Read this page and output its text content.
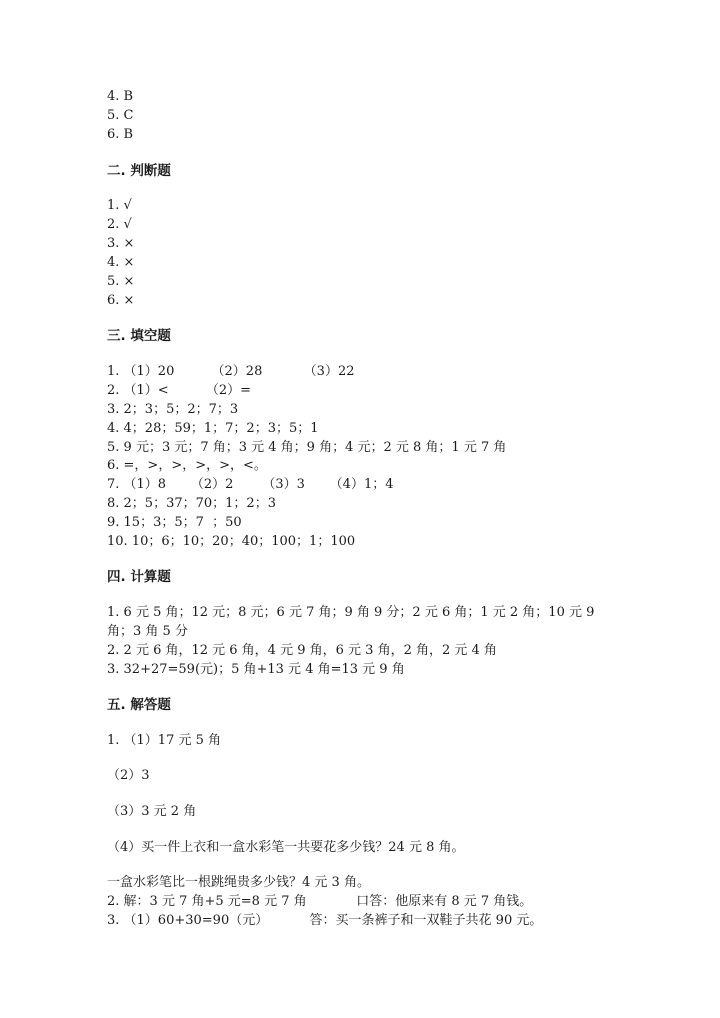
4. B
5. C
6. B
二. 判断题
1. √
2. √
3. ×
4. ×
5. ×
6. ×
三. 填空题
1. （1）20         （2）28          （3）22
2. （1）<         （2）=
3. 2；3；5；2；7；3
4. 4；28；59；1；7；2；3；5；1
5. 9 元；3 元；7 角；3 元 4 角；9 角；4 元；2 元 8 角；1 元 7 角
6. =，>，>，>，>，<。
7. （1）8      （2）2       （3）3      （4）1；4
8. 2；5；37；70；1；2；3
9. 15；3；5；7  ；50
10. 10；6；10；20；40；100；1；100
四. 计算题
1. 6 元 5 角；12 元；8 元；6 元 7 角；9 角 9 分；2 元 6 角；1 元 2 角；10 元 9
角；3 角 5 分
2. 2 元 6 角，12 元 6 角，4 元 9 角，6 元 3 角，2 角，2 元 4 角
3. 32+27=59(元)；5 角+13 元 4 角=13 元 9 角
五. 解答题
1. （1）17 元 5 角
（2）3
（3）3 元 2 角
（4）买一件上衣和一盒水彩笔一共要花多少钱？24 元 8 角。
一盒水彩笔比一根跳绳贵多少钱？4 元 3 角。
2. 解：3 元 7 角+5 元=8 元 7 角            口答：他原来有 8 元 7 角钱。
3. （1）60+30=90（元）          答：买一条裤子和一双鞋子共花 90 元。
